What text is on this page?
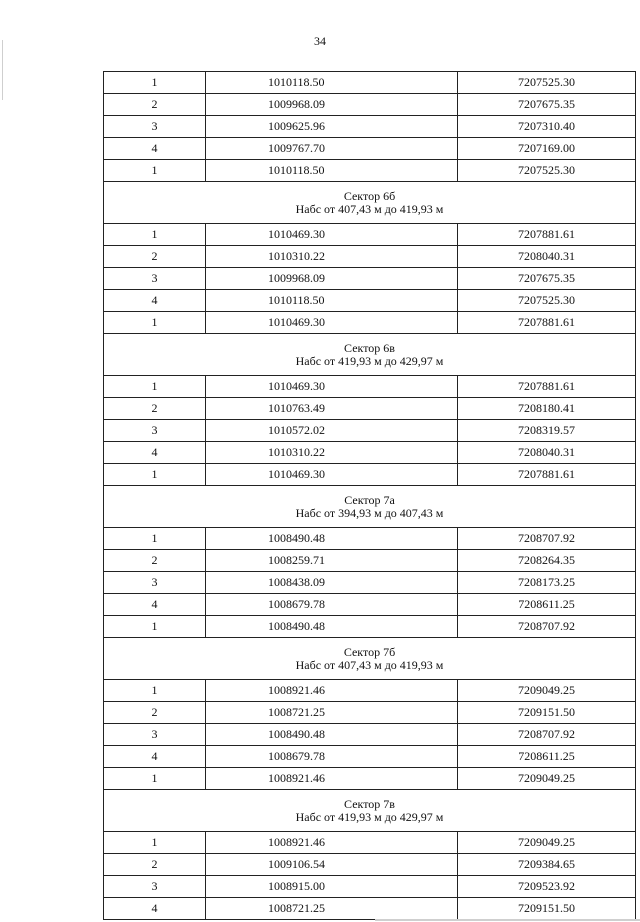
34
1	1010118.50	7207525.30
2	1009968.09	7207675.35
3	1009625.96	7207310.40
4	1009767.70	7207169.00
1	1010118.50	7207525.30

Сектор 6б
Набс от 407,43 м до 419,93 м		

1	1010469.30	7207881.61
2	1010310.22	7208040.31
3	1009968.09	7207675.35
4	1010118.50	7207525.30
1	1010469.30	7207881.61

Сектор 6в
Набс от 419,93 м до 429,97 м		

1	1010469.30	7207881.61
2	1010763.49	7208180.41
3	1010572.02	7208319.57
4	1010310.22	7208040.31
1	1010469.30	7207881.61

Сектор 7а
Набс от 394,93 м до 407,43 м		

1	1008490.48	7208707.92
2	1008259.71	7208264.35
3	1008438.09	7208173.25
4	1008679.78	7208611.25
1	1008490.48	7208707.92

Сектор 7б
Набс от 407,43 м до 419,93 м		

1	1008921.46	7209049.25
2	1008721.25	7209151.50
3	1008490.48	7208707.92
4	1008679.78	7208611.25
1	1008921.46	7209049.25

Сектор 7в
Набс от 419,93 м до 429,97 м		

1	1008921.46	7209049.25
2	1009106.54	7209384.65
3	1008915.00	7209523.92
4	1008721.25	7209151.50
